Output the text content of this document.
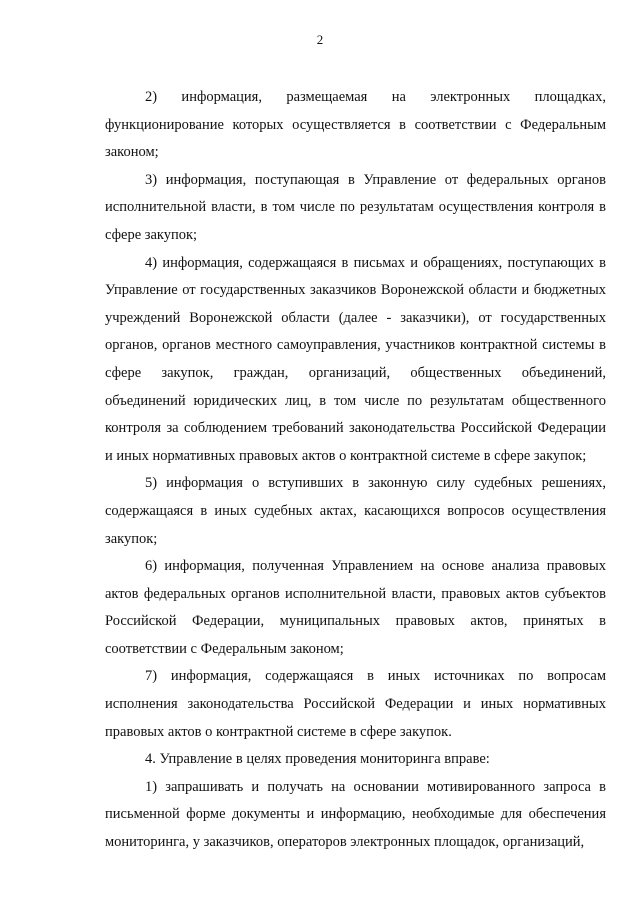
2

2) информация, размещаемая на электронных площадках, функционирование которых осуществляется в соответствии с Федеральным законом;

3) информация, поступающая в Управление от федеральных органов исполнительной власти, в том числе по результатам осуществления контроля в сфере закупок;

4) информация, содержащаяся в письмах и обращениях, поступающих в Управление от государственных заказчиков Воронежской области и бюджетных учреждений Воронежской области (далее - заказчики), от государственных органов, органов местного самоуправления, участников контрактной системы в сфере закупок, граждан, организаций, общественных объединений, объединений юридических лиц, в том числе по результатам общественного контроля за соблюдением требований законодательства Российской Федерации и иных нормативных правовых актов о контрактной системе в сфере закупок;

5) информация о вступивших в законную силу судебных решениях, содержащаяся в иных судебных актах, касающихся вопросов осуществления закупок;

6) информация, полученная Управлением на основе анализа правовых актов федеральных органов исполнительной власти, правовых актов субъектов Российской Федерации, муниципальных правовых актов, принятых в соответствии с Федеральным законом;

7) информация, содержащаяся в иных источниках по вопросам исполнения законодательства Российской Федерации и иных нормативных правовых актов о контрактной системе в сфере закупок.

4. Управление в целях проведения мониторинга вправе:

1) запрашивать и получать на основании мотивированного запроса в письменной форме документы и информацию, необходимые для обеспечения мониторинга, у заказчиков, операторов электронных площадок, организаций,
